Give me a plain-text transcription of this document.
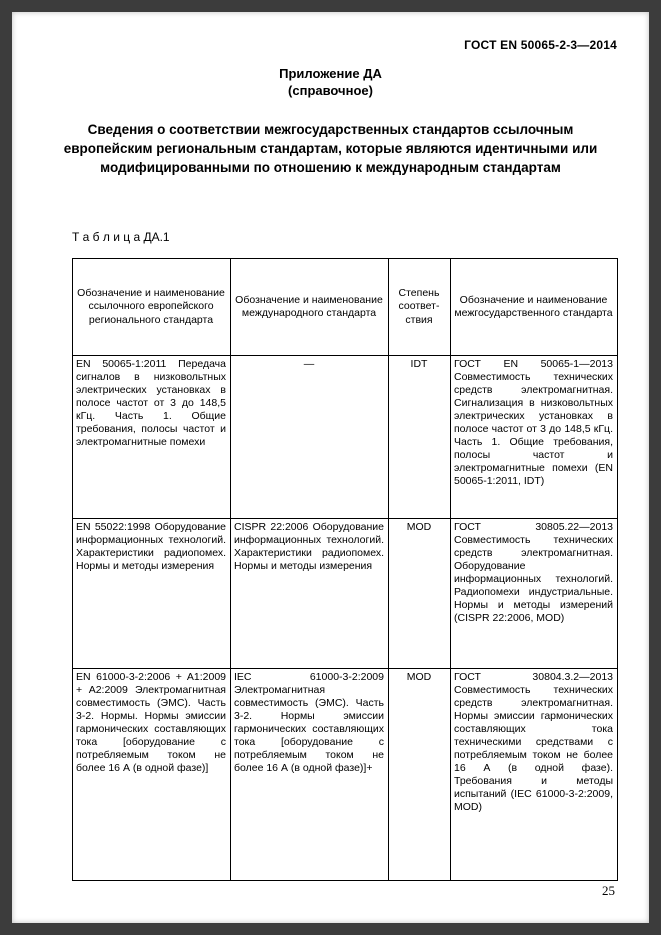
ГОСТ EN 50065-2-3—2014
Приложение ДА
(справочное)
Сведения о соответствии межгосударственных стандартов ссылочным европейским региональным стандартам, которые являются идентичными или модифицированными по отношению к международным стандартам
Т а б л и ц а ДА.1
Обозначение и наименование ссылочного европейского регионального стандарта	Обозначение и наименование международного стандарта	Степень соответствия	Обозначение и наименование межгосударственного стандарта
EN 50065-1:2011 Передача сигналов в низковольтных электрических установках в полосе частот от 3 до 148,5 кГц. Часть 1. Общие требования, полосы частот и электромагнитные помехи	—	IDT	ГОСТ EN 50065-1—2013 Совместимость технических средств электромагнитная. Сигнализация в низковольтных электрических установках в полосе частот от 3 до 148,5 кГц. Часть 1. Общие требования, полосы частот и электромагнитные помехи (EN 50065-1:2011, IDT)
EN 55022:1998 Оборудование информационных технологий. Характеристики радиопомех. Нормы и методы измерения	CISPR 22:2006 Оборудование информационных технологий. Характеристики радиопомех. Нормы и методы измерения	MOD	ГОСТ 30805.22—2013 Совместимость технических средств электромагнитная. Оборудование информационных технологий. Радиопомехи индустриальные. Нормы и методы измерений (CISPR 22:2006, MOD)
EN 61000-3-2:2006 + A1:2009 + A2:2009 Электромагнитная совместимость (ЭМС). Часть 3-2. Нормы. Нормы эмиссии гармонических составляющих тока [оборудование с потребляемым током не более 16 А (в одной фазе)]	IEC 61000-3-2:2009 Электромагнитная совместимость (ЭМС). Часть 3-2. Нормы эмиссии гармонических составляющих тока [оборудование с потребляемым током не более 16 А (в одной фазе)]+	MOD	ГОСТ 30804.3.2—2013 Совместимость технических средств электромагнитная. Нормы эмиссии гармонических составляющих тока техническими средствами с потребляемым током не более 16 А (в одной фазе). Требования и методы испытаний (IEC 61000-3-2:2009, MOD)
25
